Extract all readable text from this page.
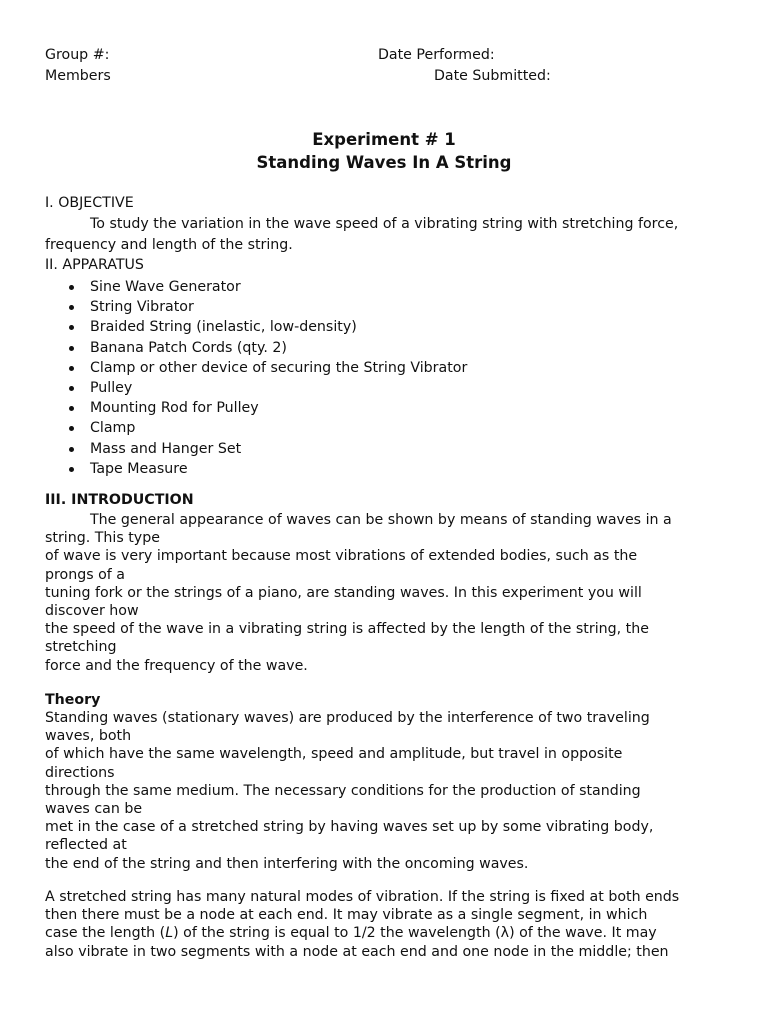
Group #:
Members
Date Performed:
Date Submitted:
Experiment # 1
Standing Waves In A String
I. OBJECTIVE
To study the variation in the wave speed of a vibrating string with stretching force,
frequency and length of the string.
II. APPARATUS
Sine Wave Generator
String Vibrator
Braided String (inelastic, low-density)
Banana Patch Cords (qty. 2)
Clamp or other device of securing the String Vibrator
Pulley
Mounting Rod for Pulley
Clamp
Mass and Hanger Set
Tape Measure
III. INTRODUCTION
The general appearance of waves can be shown by means of standing waves in a
string. This type
of wave is very important because most vibrations of extended bodies, such as the
prongs of a
tuning fork or the strings of a piano, are standing waves. In this experiment you will
discover how
the speed of the wave in a vibrating string is affected by the length of the string, the
stretching
force and the frequency of the wave.
Theory
Standing waves (stationary waves) are produced by the interference of two traveling
waves, both
of which have the same wavelength, speed and amplitude, but travel in opposite
directions
through the same medium. The necessary conditions for the production of standing
waves can be
met in the case of a stretched string by having waves set up by some vibrating body,
reflected at
the end of the string and then interfering with the oncoming waves.
A stretched string has many natural modes of vibration. If the string is fixed at both ends
then there must be a node at each end. It may vibrate as a single segment, in which
case the length (L) of the string is equal to 1/2 the wavelength (λ) of the wave. It may
also vibrate in two segments with a node at each end and one node in the middle; then
